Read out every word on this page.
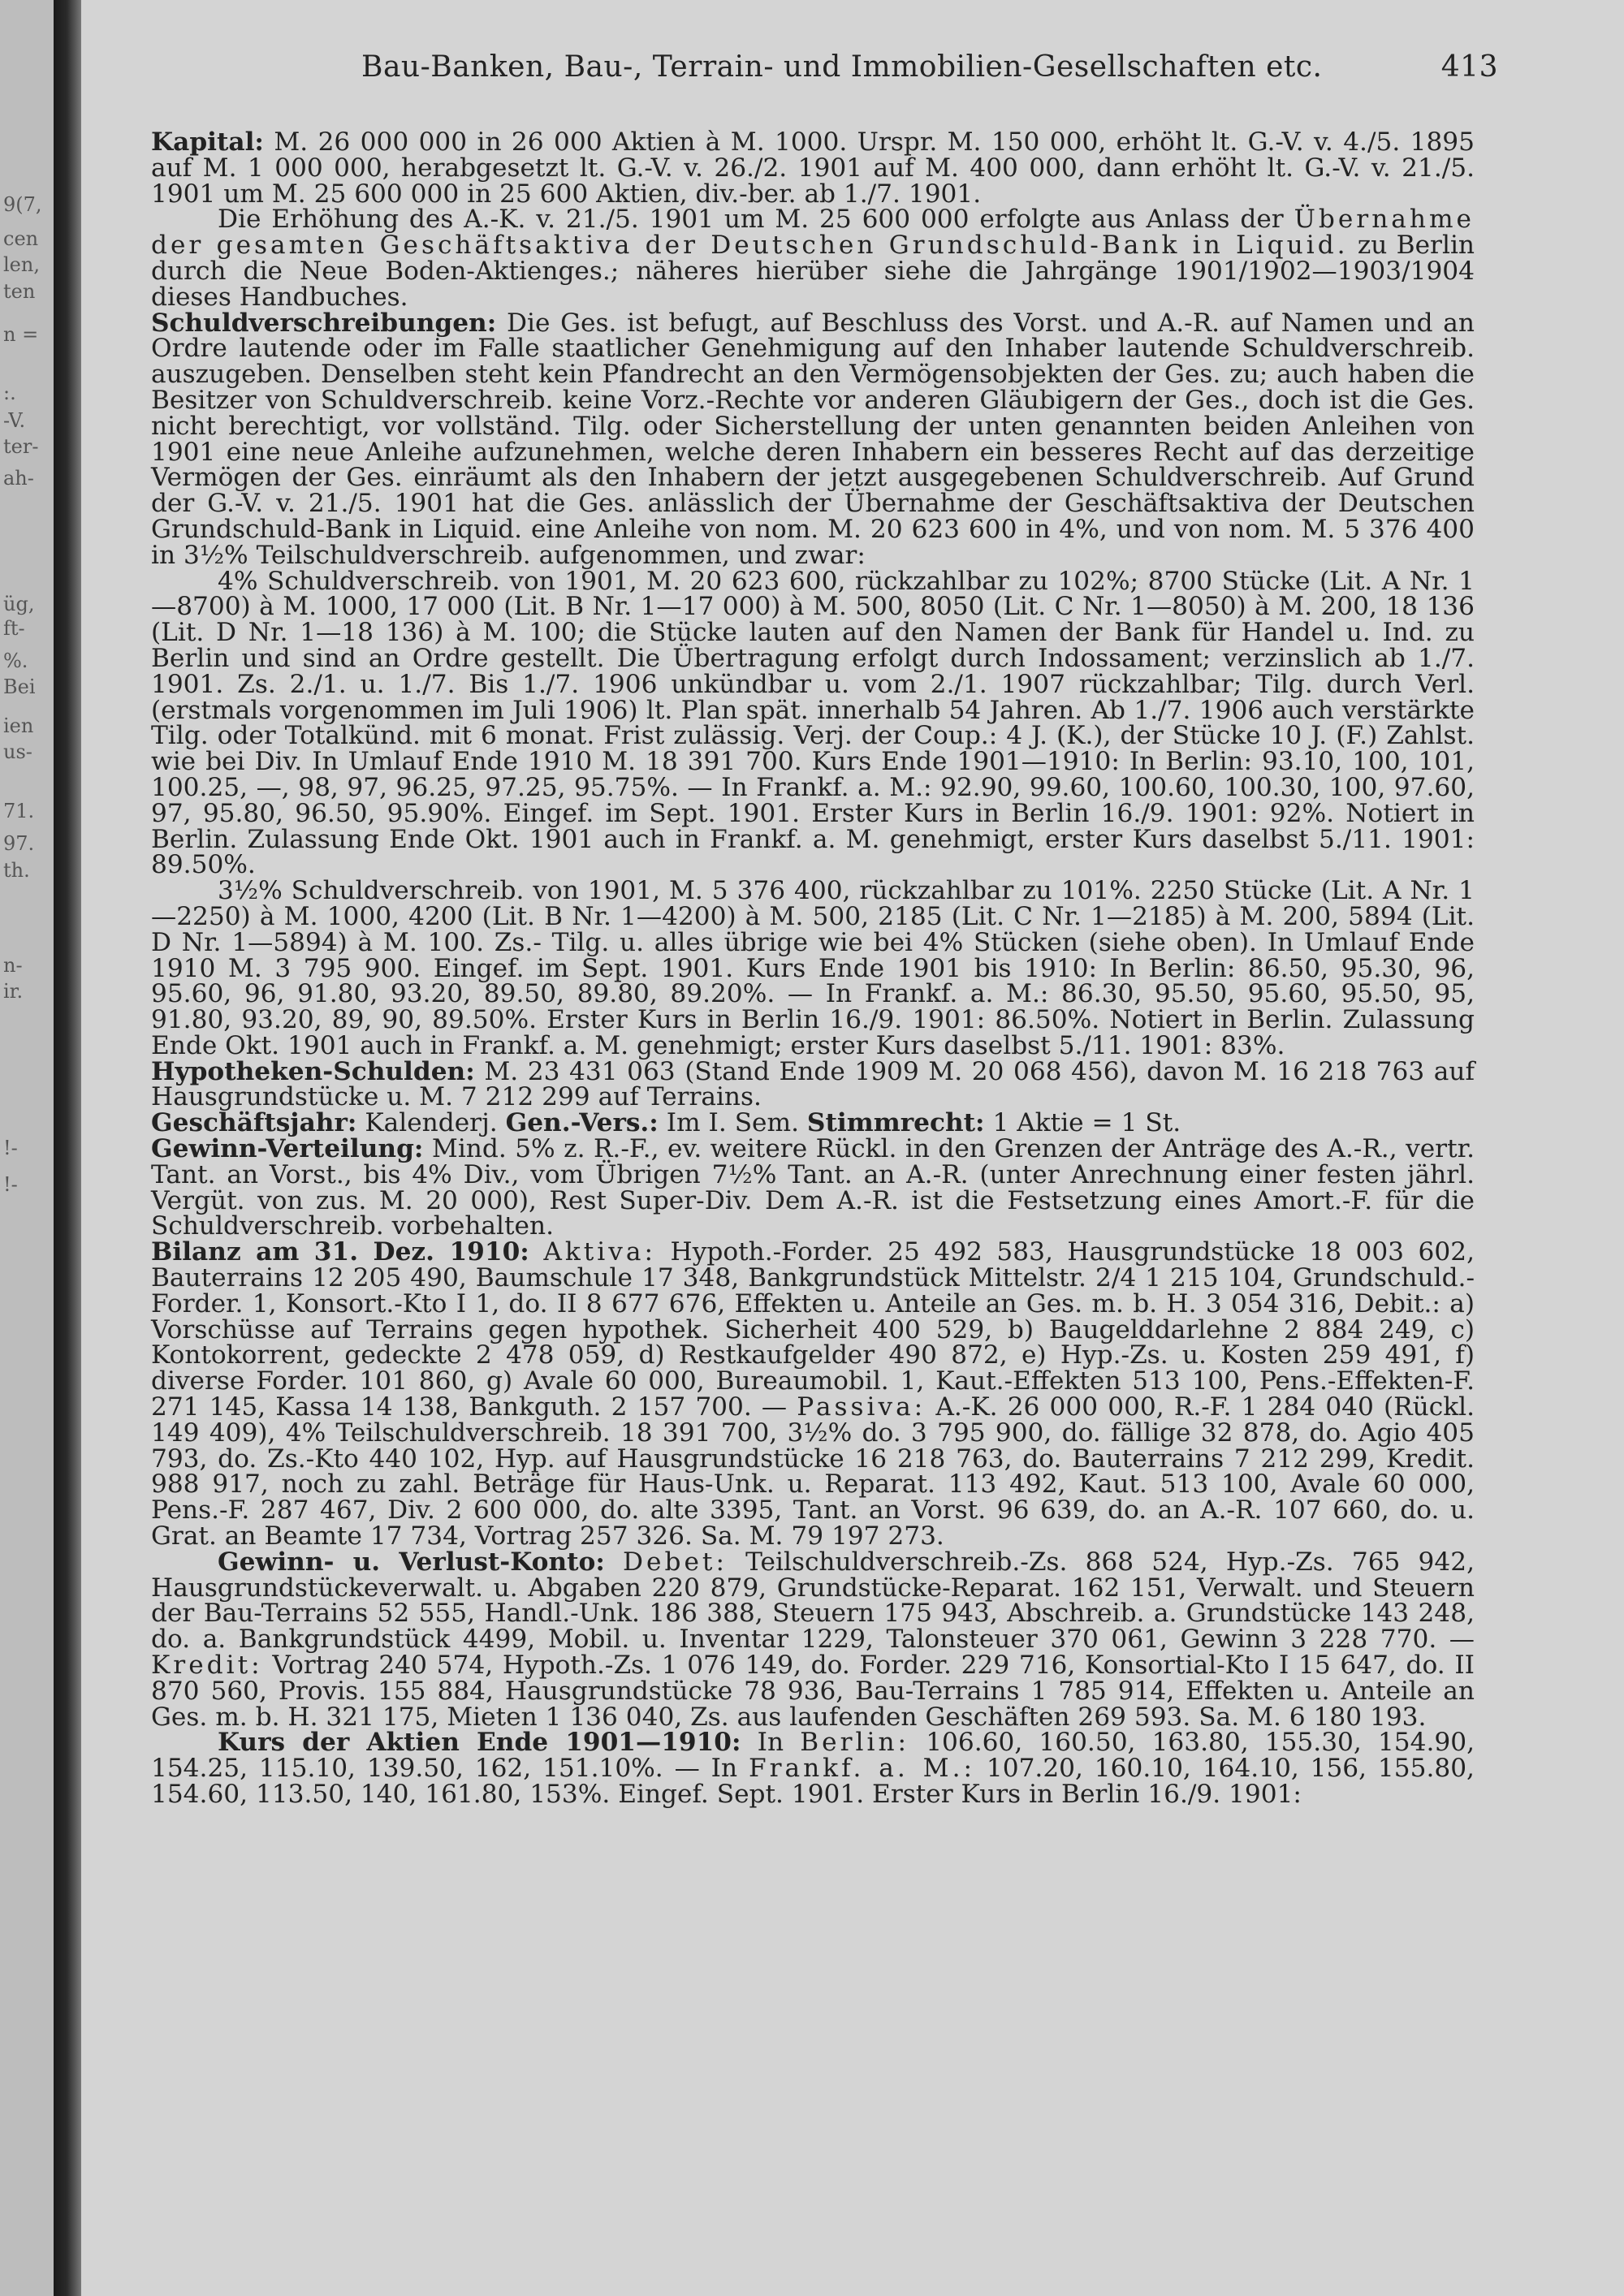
9(7,
cen
len,
ten
n =
:.
-V.
ter-
ah-
üg,
ft-
%.
Bei
ien
us-
71.
97.
th.
n-
ir.
!-
!-
Bau-Banken, Bau-, Terrain- und Immobilien-Gesellschaften etc.	413

Kapital: M. 26 000 000 in 26 000 Aktien à M. 1000. Urspr. M. 150 000, erhöht lt. G.-V. v. 4./5. 1895 auf M. 1 000 000, herabgesetzt lt. G.-V. v. 26./2. 1901 auf M. 400 000, dann erhöht lt. G.-V. v. 21./5. 1901 um M. 25 600 000 in 25 600 Aktien, div.-ber. ab 1./7. 1901.

Die Erhöhung des A.-K. v. 21./5. 1901 um M. 25 600 000 erfolgte aus Anlass der Übernahme der gesamten Geschäftsaktiva der Deutschen Grundschuld-Bank in Liquid. zu Berlin durch die Neue Boden-Aktienges.; näheres hierüber siehe die Jahrgänge 1901/1902—1903/1904 dieses Handbuches.

Schuldverschreibungen: Die Ges. ist befugt, auf Beschluss des Vorst. und A.-R. auf Namen und an Ordre lautende oder im Falle staatlicher Genehmigung auf den Inhaber lautende Schuldverschreib. auszugeben. Denselben steht kein Pfandrecht an den Vermögensobjekten der Ges. zu; auch haben die Besitzer von Schuldverschreib. keine Vorz.-Rechte vor anderen Gläubigern der Ges., doch ist die Ges. nicht berechtigt, vor vollständ. Tilg. oder Sicherstellung der unten genannten beiden Anleihen von 1901 eine neue Anleihe aufzunehmen, welche deren Inhabern ein besseres Recht auf das derzeitige Vermögen der Ges. einräumt als den Inhabern der jetzt ausgegebenen Schuldverschreib. Auf Grund der G.-V. v. 21./5. 1901 hat die Ges. anlässlich der Übernahme der Geschäftsaktiva der Deutschen Grundschuld-Bank in Liquid. eine Anleihe von nom. M. 20 623 600 in 4%, und von nom. M. 5 376 400 in 3½% Teilschuldverschreib. aufgenommen, und zwar:

4% Schuldverschreib. von 1901, M. 20 623 600, rückzahlbar zu 102%; 8700 Stücke (Lit. A Nr. 1—8700) à M. 1000, 17 000 (Lit. B Nr. 1—17 000) à M. 500, 8050 (Lit. C Nr. 1—8050) à M. 200, 18 136 (Lit. D Nr. 1—18 136) à M. 100; die Stücke lauten auf den Namen der Bank für Handel u. Ind. zu Berlin und sind an Ordre gestellt. Die Übertragung erfolgt durch Indossament; verzinslich ab 1./7. 1901. Zs. 2./1. u. 1./7. Bis 1./7. 1906 unkündbar u. vom 2./1. 1907 rückzahlbar; Tilg. durch Verl. (erstmals vorgenommen im Juli 1906) lt. Plan spät. innerhalb 54 Jahren. Ab 1./7. 1906 auch verstärkte Tilg. oder Totalkünd. mit 6 monat. Frist zulässig. Verj. der Coup.: 4 J. (K.), der Stücke 10 J. (F.) Zahlst. wie bei Div. In Umlauf Ende 1910 M. 18 391 700. Kurs Ende 1901—1910: In Berlin: 93.10, 100, 101, 100.25, —, 98, 97, 96.25, 97.25, 95.75%. — In Frankf. a. M.: 92.90, 99.60, 100.60, 100.30, 100, 97.60, 97, 95.80, 96.50, 95.90%. Eingef. im Sept. 1901. Erster Kurs in Berlin 16./9. 1901: 92%. Notiert in Berlin. Zulassung Ende Okt. 1901 auch in Frankf. a. M. genehmigt, erster Kurs daselbst 5./11. 1901: 89.50%.

3½% Schuldverschreib. von 1901, M. 5 376 400, rückzahlbar zu 101%. 2250 Stücke (Lit. A Nr. 1—2250) à M. 1000, 4200 (Lit. B Nr. 1—4200) à M. 500, 2185 (Lit. C Nr. 1—2185) à M. 200, 5894 (Lit. D Nr. 1—5894) à M. 100. Zs.- Tilg. u. alles übrige wie bei 4% Stücken (siehe oben). In Umlauf Ende 1910 M. 3 795 900. Eingef. im Sept. 1901. Kurs Ende 1901 bis 1910: In Berlin: 86.50, 95.30, 96, 95.60, 96, 91.80, 93.20, 89.50, 89.80, 89.20%. — In Frankf. a. M.: 86.30, 95.50, 95.60, 95.50, 95, 91.80, 93.20, 89, 90, 89.50%. Erster Kurs in Berlin 16./9. 1901: 86.50%. Notiert in Berlin. Zulassung Ende Okt. 1901 auch in Frankf. a. M. genehmigt; erster Kurs daselbst 5./11. 1901: 83%.

Hypotheken-Schulden: M. 23 431 063 (Stand Ende 1909 M. 20 068 456), davon M. 16 218 763 auf Hausgrundstücke u. M. 7 212 299 auf Terrains.

Geschäftsjahr: Kalenderj. Gen.-Vers.: Im I. Sem. Stimmrecht: 1 Aktie = 1 St.

Gewinn-Verteilung: Mind. 5% z. R.-F., ev. weitere Rückl. in den Grenzen der Anträge des A.-R., vertr. Tant. an Vorst., bis 4% Div., vom Übrigen 7½% Tant. an A.-R. (unter Anrechnung einer festen jährl. Vergüt. von zus. M. 20 000), Rest Super-Div. Dem A.-R. ist die Festsetzung eines Amort.-F. für die Schuldverschreib. vorbehalten.

Bilanz am 31. Dez. 1910: Aktiva: Hypoth.-Forder. 25 492 583, Hausgrundstücke 18 003 602, Bauterrains 12 205 490, Baumschule 17 348, Bankgrundstück Mittelstr. 2/4 1 215 104, Grundschuld.-Forder. 1, Konsort.-Kto I 1, do. II 8 677 676, Effekten u. Anteile an Ges. m. b. H. 3 054 316, Debit.: a) Vorschüsse auf Terrains gegen hypothek. Sicherheit 400 529, b) Baugelddarlehne 2 884 249, c) Kontokorrent, gedeckte 2 478 059, d) Restkaufgelder 490 872, e) Hyp.-Zs. u. Kosten 259 491, f) diverse Forder. 101 860, g) Avale 60 000, Bureaumobil. 1, Kaut.-Effekten 513 100, Pens.-Effekten-F. 271 145, Kassa 14 138, Bankguth. 2 157 700. — Passiva: A.-K. 26 000 000, R.-F. 1 284 040 (Rückl. 149 409), 4% Teilschuldverschreib. 18 391 700, 3½% do. 3 795 900, do. fällige 32 878, do. Agio 405 793, do. Zs.-Kto 440 102, Hyp. auf Hausgrundstücke 16 218 763, do. Bauterrains 7 212 299, Kredit. 988 917, noch zu zahl. Beträge für Haus-Unk. u. Reparat. 113 492, Kaut. 513 100, Avale 60 000, Pens.-F. 287 467, Div. 2 600 000, do. alte 3395, Tant. an Vorst. 96 639, do. an A.-R. 107 660, do. u. Grat. an Beamte 17 734, Vortrag 257 326. Sa. M. 79 197 273.

Gewinn- u. Verlust-Konto: Debet: Teilschuldverschreib.-Zs. 868 524, Hyp.-Zs. 765 942, Hausgrundstückeverwalt. u. Abgaben 220 879, Grundstücke-Reparat. 162 151, Verwalt. und Steuern der Bau-Terrains 52 555, Handl.-Unk. 186 388, Steuern 175 943, Abschreib. a. Grundstücke 143 248, do. a. Bankgrundstück 4499, Mobil. u. Inventar 1229, Talonsteuer 370 061, Gewinn 3 228 770. — Kredit: Vortrag 240 574, Hypoth.-Zs. 1 076 149, do. Forder. 229 716, Konsortial-Kto I 15 647, do. II 870 560, Provis. 155 884, Hausgrundstücke 78 936, Bau-Terrains 1 785 914, Effekten u. Anteile an Ges. m. b. H. 321 175, Mieten 1 136 040, Zs. aus laufenden Geschäften 269 593. Sa. M. 6 180 193.

Kurs der Aktien Ende 1901—1910: In Berlin: 106.60, 160.50, 163.80, 155.30, 154.90, 154.25, 115.10, 139.50, 162, 151.10%. — In Frankf. a. M.: 107.20, 160.10, 164.10, 156, 155.80, 154.60, 113.50, 140, 161.80, 153%. Eingef. Sept. 1901. Erster Kurs in Berlin 16./9. 1901:
